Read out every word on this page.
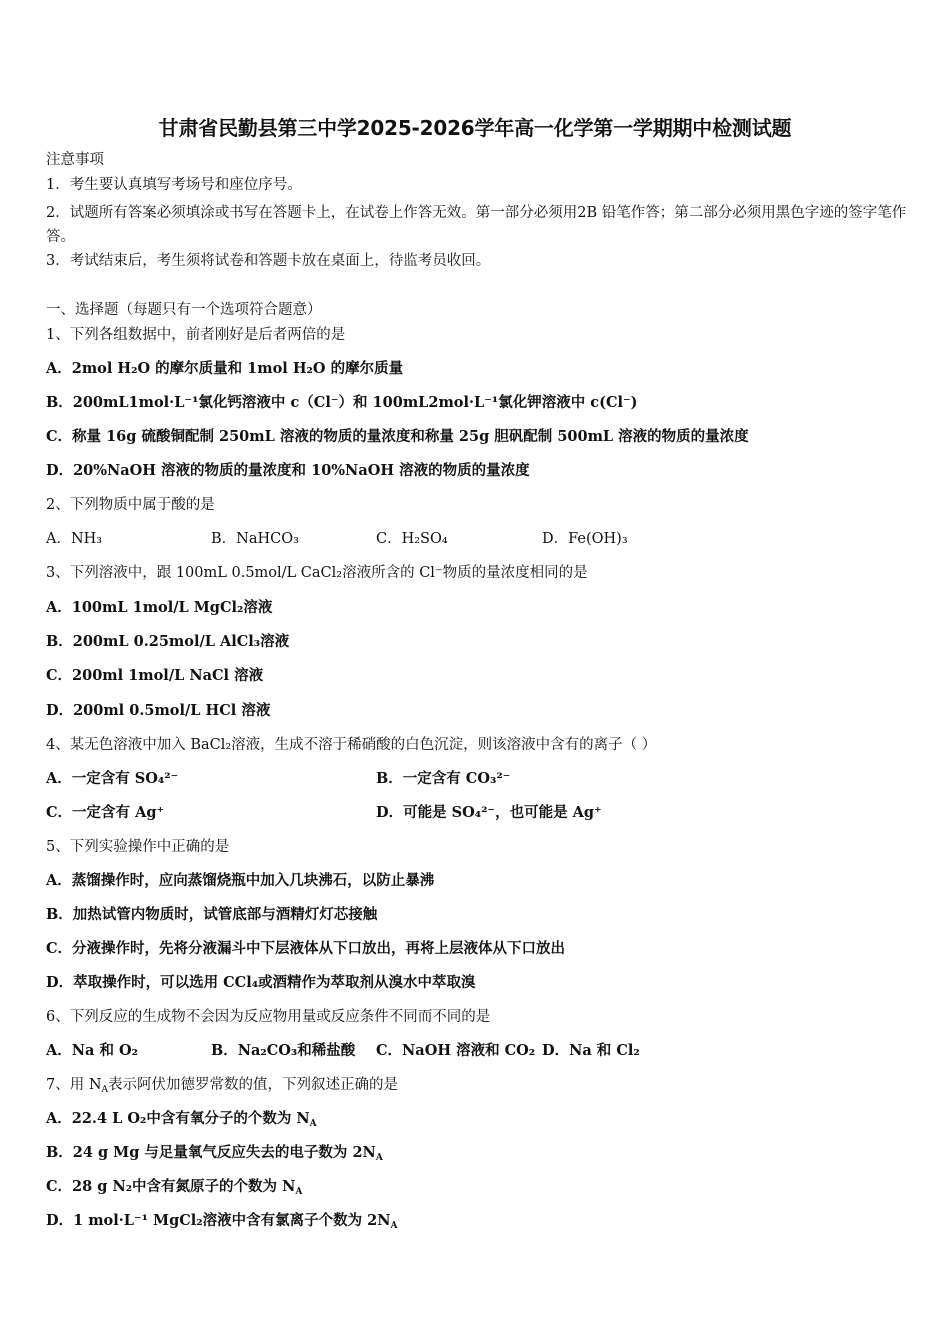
甘肃省民勤县第三中学2025-2026学年高一化学第一学期期中检测试题
注意事项
1．考生要认真填写考场号和座位序号。
2．试题所有答案必须填涂或书写在答题卡上，在试卷上作答无效。第一部分必须用2B 铅笔作答；第二部分必须用黑色字迹的签字笔作答。
3．考试结束后，考生须将试卷和答题卡放在桌面上，待监考员收回。
一、选择题（每题只有一个选项符合题意）
1、下列各组数据中，前者刚好是后者两倍的是
A．2mol H₂O 的摩尔质量和 1mol H₂O 的摩尔质量
B．200mL1mol·L⁻¹氯化钙溶液中 c（Cl⁻）和 100mL2mol·L⁻¹氯化钾溶液中 c(Cl⁻)
C．称量 16g 硫酸铜配制 250mL 溶液的物质的量浓度和称量 25g 胆矾配制 500mL 溶液的物质的量浓度
D．20%NaOH 溶液的物质的量浓度和 10%NaOH 溶液的物质的量浓度
2、下列物质中属于酸的是
A．NH₃	B．NaHCO₃	C．H₂SO₄	D．Fe(OH)₃
3、下列溶液中，跟 100mL 0.5mol/L CaCl₂溶液所含的 Cl⁻物质的量浓度相同的是
A．100mL 1mol/L MgCl₂溶液
B．200mL 0.25mol/L AlCl₃溶液
C．200ml 1mol/L NaCl 溶液
D．200ml 0.5mol/L HCl 溶液
4、某无色溶液中加入 BaCl₂溶液，生成不溶于稀硝酸的白色沉淀，则该溶液中含有的离子（ ）
A．一定含有 SO₄²⁻	B．一定含有 CO₃²⁻
C．一定含有 Ag⁺	D．可能是 SO₄²⁻，也可能是 Ag⁺
5、下列实验操作中正确的是
A．蒸馏操作时，应向蒸馏烧瓶中加入几块沸石，以防止暴沸
B．加热试管内物质时，试管底部与酒精灯灯芯接触
C．分液操作时，先将分液漏斗中下层液体从下口放出，再将上层液体从下口放出
D．萃取操作时，可以选用 CCl₄或酒精作为萃取剂从溴水中萃取溴
6、下列反应的生成物不会因为反应物用量或反应条件不同而不同的是
A．Na 和 O₂	B．Na₂CO₃和稀盐酸 C．NaOH 溶液和 CO₂ D．Na 和 Cl₂
7、用 $N_A$表示阿伏加德罗常数的值，下列叙述正确的是
A．22.4 L O₂中含有氧分子的个数为 $N_A$
B．24 g Mg 与足量氧气反应失去的电子数为 $2N_A$
C．28 g N₂中含有氮原子的个数为 $N_A$
D．1 mol·L⁻¹ MgCl₂溶液中含有氯离子个数为 $2N_A$
